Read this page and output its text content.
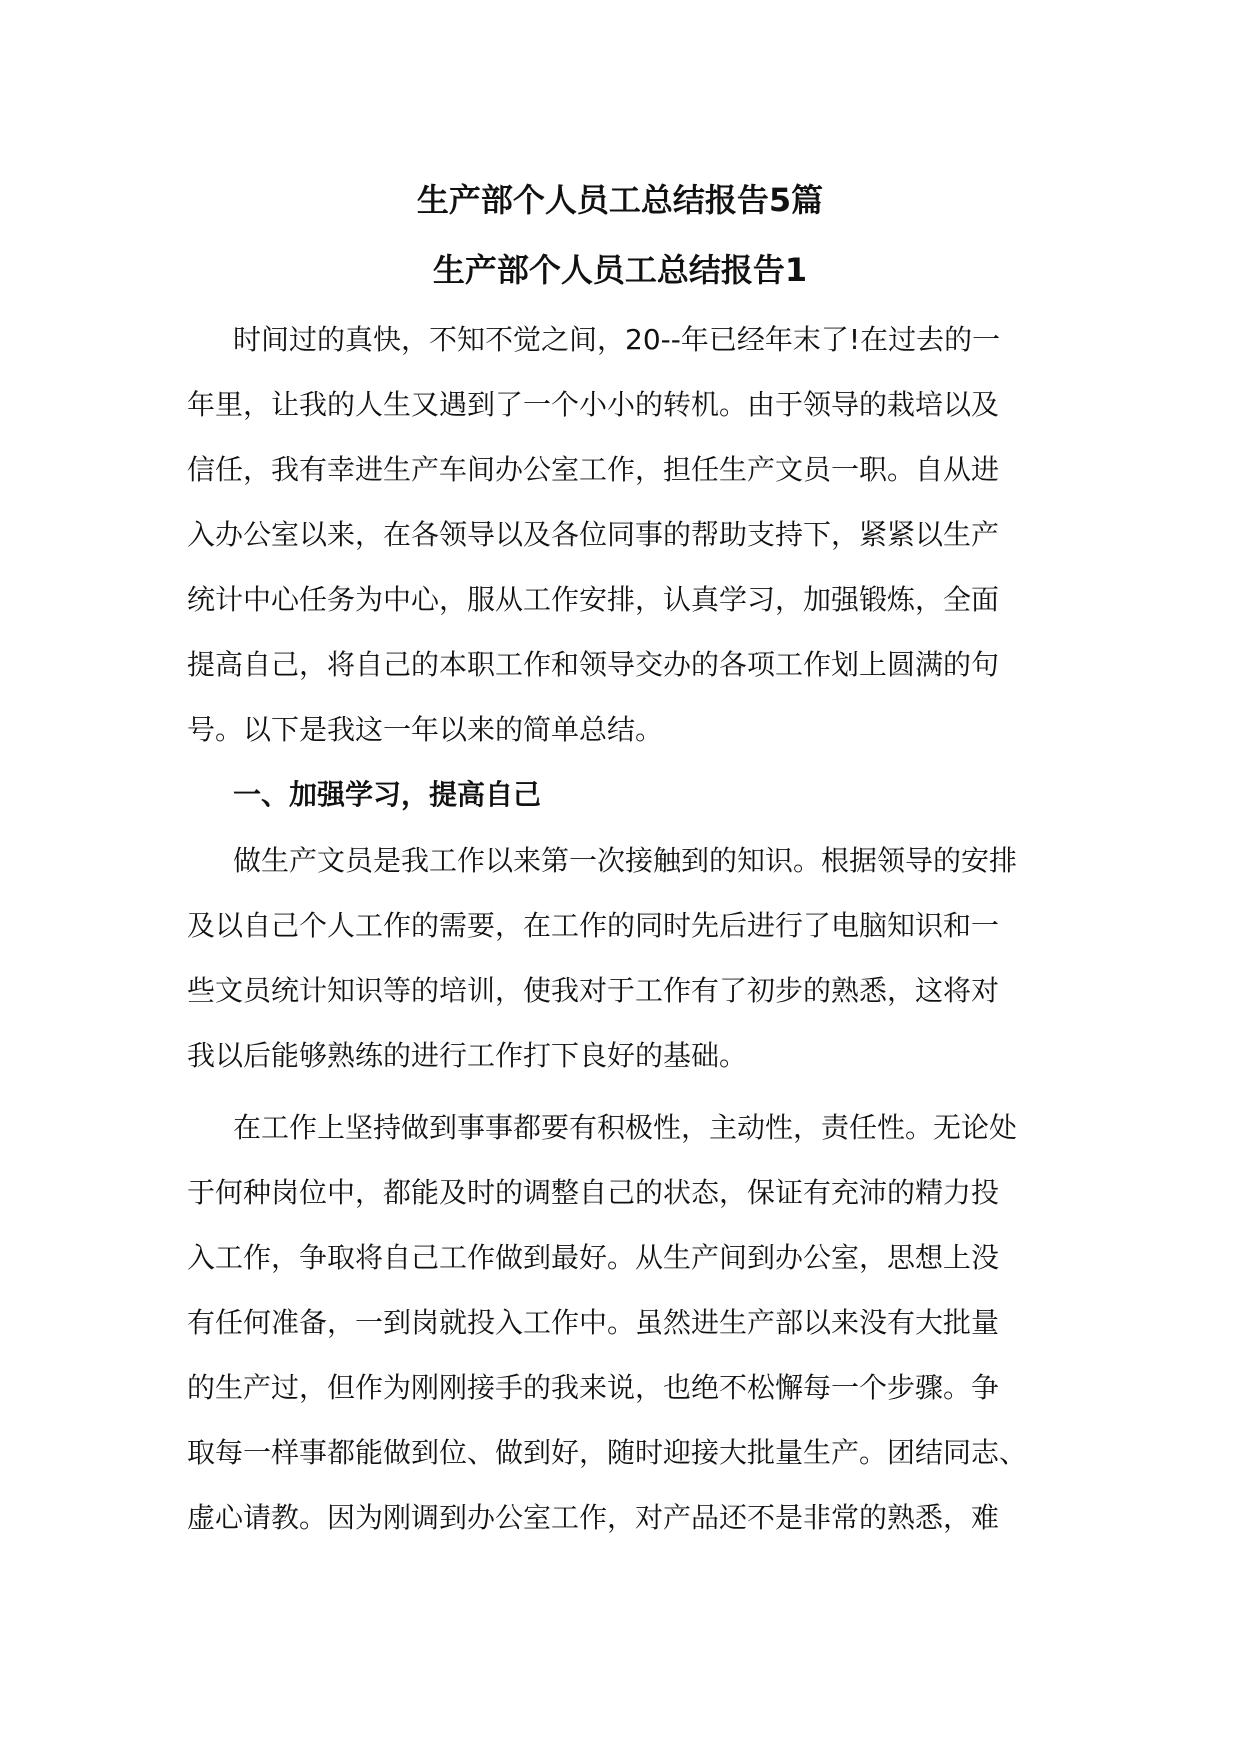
生产部个人员工总结报告5篇
生产部个人员工总结报告1
时间过的真快，不知不觉之间，20--年已经年末了!在过去的一
年里，让我的人生又遇到了一个小小的转机。由于领导的栽培以及
信任，我有幸进生产车间办公室工作，担任生产文员一职。自从进
入办公室以来，在各领导以及各位同事的帮助支持下，紧紧以生产
统计中心任务为中心，服从工作安排，认真学习，加强锻炼，全面
提高自己，将自己的本职工作和领导交办的各项工作划上圆满的句
号。以下是我这一年以来的简单总结。
一、加强学习，提高自己
做生产文员是我工作以来第一次接触到的知识。根据领导的安排
及以自己个人工作的需要，在工作的同时先后进行了电脑知识和一
些文员统计知识等的培训，使我对于工作有了初步的熟悉，这将对
我以后能够熟练的进行工作打下良好的基础。
在工作上坚持做到事事都要有积极性，主动性，责任性。无论处
于何种岗位中，都能及时的调整自己的状态，保证有充沛的精力投
入工作，争取将自己工作做到最好。从生产间到办公室，思想上没
有任何准备，一到岗就投入工作中。虽然进生产部以来没有大批量
的生产过，但作为刚刚接手的我来说，也绝不松懈每一个步骤。争
取每一样事都能做到位、做到好，随时迎接大批量生产。团结同志、
虚心请教。因为刚调到办公室工作，对产品还不是非常的熟悉，难
